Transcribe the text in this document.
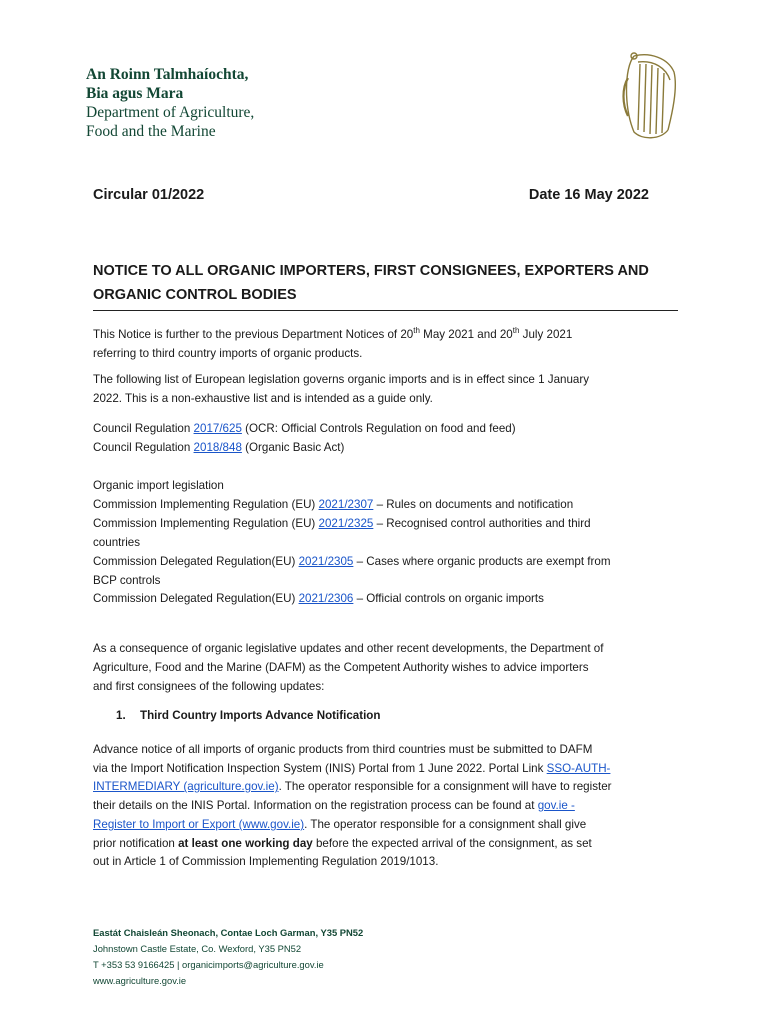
An Roinn Talmhaíochta,
Bia agus Mara
Department of Agriculture,
Food and the Marine
Circular 01/2022	Date 16 May 2022
NOTICE TO ALL ORGANIC IMPORTERS, FIRST CONSIGNEES, EXPORTERS AND
ORGANIC CONTROL BODIES
This Notice is further to the previous Department Notices of 20th May 2021 and 20th July 2021
referring to third country imports of organic products.
The following list of European legislation governs organic imports and is in effect since 1 January
2022. This is a non-exhaustive list and is intended as a guide only.
Council Regulation 2017/625 (OCR: Official Controls Regulation on food and feed)
Council Regulation 2018/848 (Organic Basic Act)
Organic import legislation
Commission Implementing Regulation (EU) 2021/2307 – Rules on documents and notification
Commission Implementing Regulation (EU) 2021/2325 – Recognised control authorities and third
countries
Commission Delegated Regulation(EU) 2021/2305 – Cases where organic products are exempt from
BCP controls
Commission Delegated Regulation(EU) 2021/2306 – Official controls on organic imports
As a consequence of organic legislative updates and other recent developments, the Department of
Agriculture, Food and the Marine (DAFM) as the Competent Authority wishes to advice importers
and first consignees of the following updates:
1. Third Country Imports Advance Notification
Advance notice of all imports of organic products from third countries must be submitted to DAFM
via the Import Notification Inspection System (INIS) Portal from 1 June 2022. Portal Link SSO-AUTH-
INTERMEDIARY (agriculture.gov.ie). The operator responsible for a consignment will have to register
their details on the INIS Portal. Information on the registration process can be found at gov.ie -
Register to Import or Export (www.gov.ie). The operator responsible for a consignment shall give
prior notification at least one working day before the expected arrival of the consignment, as set
out in Article 1 of Commission Implementing Regulation 2019/1013.
Eastát Chaisleán Sheonach, Contae Loch Garman, Y35 PN52
Johnstown Castle Estate, Co. Wexford, Y35 PN52
T +353 53 9166425 | organicimports@agriculture.gov.ie
www.agriculture.gov.ie
